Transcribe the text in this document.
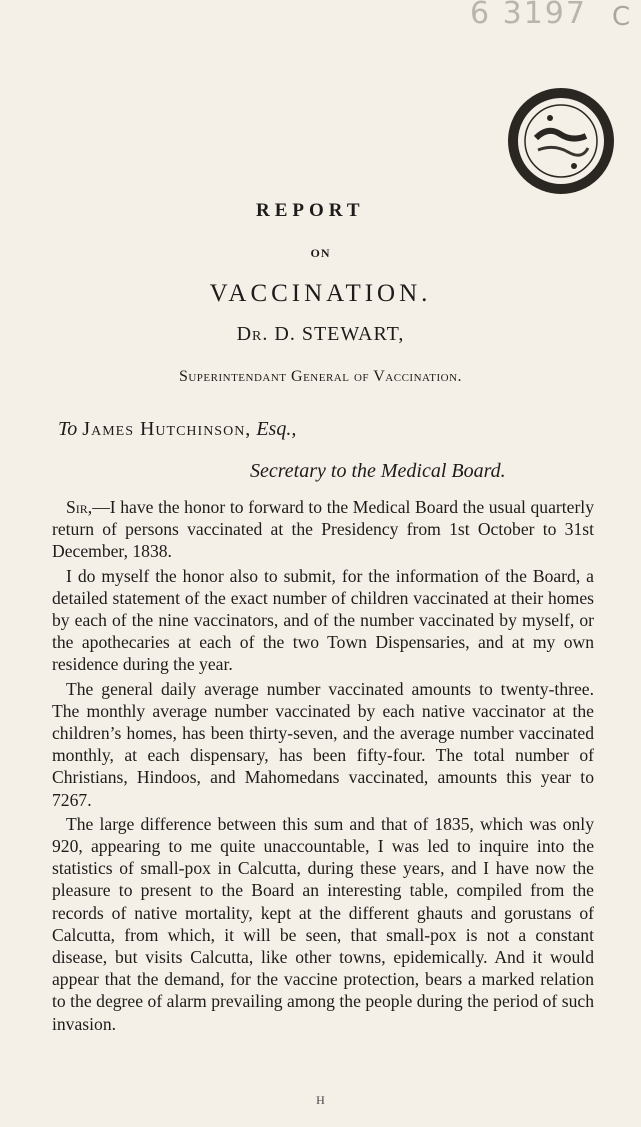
6 3197 C
REPORT
ON
VACCINATION.
Dr. D. STEWART,
Superintendant General of Vaccination.
To James Hutchinson, Esq.,
Secretary to the Medical Board.

Sir,—I have the honor to forward to the Medical Board the usual quarterly return of persons vaccinated at the Presidency from 1st October to 31st December, 1838.

I do myself the honor also to submit, for the information of the Board, a detailed statement of the exact number of children vaccinated at their homes by each of the nine vaccinators, and of the number vaccinated by myself, or the apothecaries at each of the two Town Dispensaries, and at my own residence during the year.

The general daily average number vaccinated amounts to twenty-three. The monthly average number vaccinated by each native vaccinator at the children’s homes, has been thirty-seven, and the average number vaccinated monthly, at each dispensary, has been fifty-four. The total number of Christians, Hindoos, and Mahomedans vaccinated, amounts this year to 7267.

The large difference between this sum and that of 1835, which was only 920, appearing to me quite unaccountable, I was led to inquire into the statistics of small-pox in Calcutta, during these years, and I have now the pleasure to present to the Board an interesting table, compiled from the records of native mortality, kept at the different ghauts and gorustans of Calcutta, from which, it will be seen, that small-pox is not a constant disease, but visits Calcutta, like other towns, epidemically. And it would appear that the demand, for the vaccine protection, bears a marked relation to the degree of alarm prevailing among the people during the period of such invasion.

H
